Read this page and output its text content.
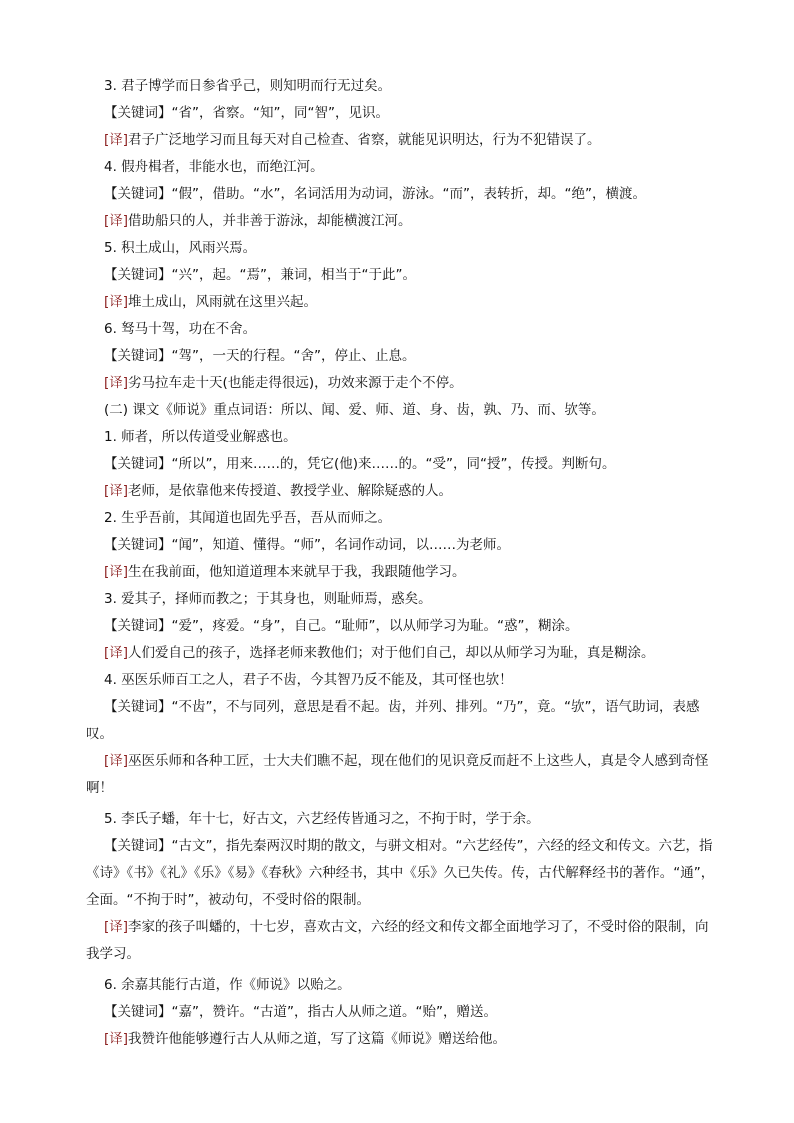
3. 君子博学而日参省乎己，则知明而行无过矣。
【关键词】“省”，省察。“知”，同“智”，见识。
[译]君子广泛地学习而且每天对自己检查、省察，就能见识明达，行为不犯错误了。
4. 假舟楫者，非能水也，而绝江河。
【关键词】“假”，借助。“水”，名词活用为动词，游泳。“而”，表转折，却。“绝”，横渡。
[译]借助船只的人，并非善于游泳，却能横渡江河。
5. 积土成山，风雨兴焉。
【关键词】“兴”，起。“焉”，兼词，相当于“于此”。
[译]堆土成山，风雨就在这里兴起。
6. 驽马十驾，功在不舍。
【关键词】“驾”，一天的行程。“舍”，停止、止息。
[译]劣马拉车走十天(也能走得很远)，功效来源于走个不停。
(二) 课文《师说》重点词语：所以、闻、爱、师、道、身、齿，孰、乃、而、欤等。
1. 师者，所以传道受业解惑也。
【关键词】“所以”，用来……的，凭它(他)来……的。“受”，同“授”，传授。判断句。
[译]老师，是依靠他来传授道、教授学业、解除疑惑的人。
2. 生乎吾前，其闻道也固先乎吾，吾从而师之。
【关键词】“闻”，知道、懂得。“师”，名词作动词，以……为老师。
[译]生在我前面，他知道道理本来就早于我，我跟随他学习。
3. 爱其子，择师而教之；于其身也，则耻师焉，惑矣。
【关键词】“爱”，疼爱。“身”，自己。“耻师”，以从师学习为耻。“惑”，糊涂。
[译]人们爱自己的孩子，选择老师来教他们；对于他们自己，却以从师学习为耻，真是糊涂。
4. 巫医乐师百工之人，君子不齿，今其智乃反不能及，其可怪也欤！
【关键词】“不齿”，不与同列，意思是看不起。齿，并列、排列。“乃”，竟。“欤”，语气助词，表感叹。
[译]巫医乐师和各种工匠，士大夫们瞧不起，现在他们的见识竟反而赶不上这些人，真是令人感到奇怪啊！
5. 李氏子蟠，年十七，好古文，六艺经传皆通习之，不拘于时，学于余。
【关键词】“古文”，指先秦两汉时期的散文，与骈文相对。“六艺经传”，六经的经文和传文。六艺，指《诗》《书》《礼》《乐》《易》《春秋》六种经书，其中《乐》久已失传。传，古代解释经书的著作。“通”，全面。“不拘于时”，被动句，不受时俗的限制。
[译]李家的孩子叫蟠的，十七岁，喜欢古文，六经的经文和传文都全面地学习了，不受时俗的限制，向我学习。
6. 余嘉其能行古道，作《师说》以贻之。
【关键词】“嘉”，赞许。“古道”，指古人从师之道。“贻”，赠送。
[译]我赞许他能够遵行古人从师之道，写了这篇《师说》赠送给他。
